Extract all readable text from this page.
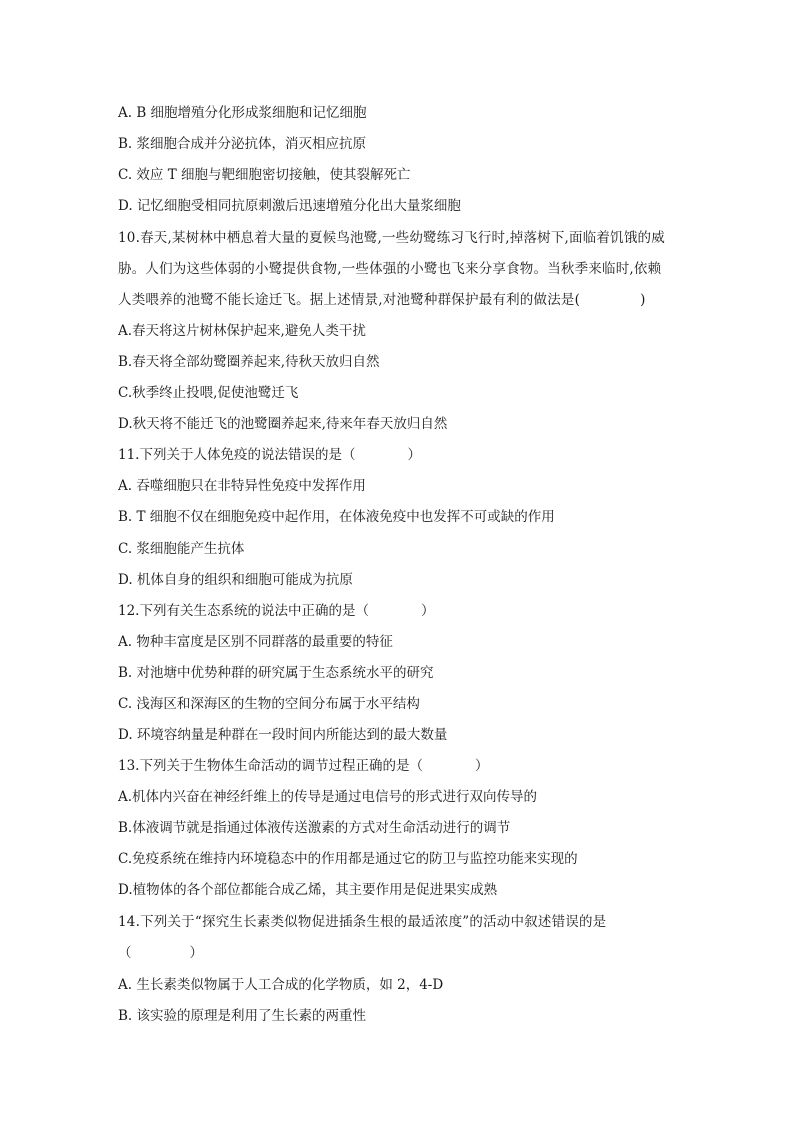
A. B 细胞增殖分化形成浆细胞和记忆细胞
B. 浆细胞合成并分泌抗体，消灭相应抗原
C. 效应 T 细胞与靶细胞密切接触，使其裂解死亡
D. 记忆细胞受相同抗原刺激后迅速增殖分化出大量浆细胞
10.春天,某树林中栖息着大量的夏候鸟池鹭,一些幼鹭练习飞行时,掉落树下,面临着饥饿的威
胁。人们为这些体弱的小鹭提供食物,一些体强的小鹭也飞来分享食物。当秋季来临时,依赖
人类喂养的池鹭不能长途迁飞。据上述情景,对池鹭种群保护最有利的做法是(	)
A.春天将这片树林保护起来,避免人类干扰
B.春天将全部幼鹭圈养起来,待秋天放归自然
C.秋季终止投喂,促使池鹭迁飞
D.秋天将不能迁飞的池鹭圈养起来,待来年春天放归自然
11.下列关于人体免疫的说法错误的是（	）
A. 吞噬细胞只在非特异性免疫中发挥作用
B. T 细胞不仅在细胞免疫中起作用，在体液免疫中也发挥不可或缺的作用
C. 浆细胞能产生抗体
D. 机体自身的组织和细胞可能成为抗原
12.下列有关生态系统的说法中正确的是（	）
A. 物种丰富度是区别不同群落的最重要的特征
B. 对池塘中优势种群的研究属于生态系统水平的研究
C. 浅海区和深海区的生物的空间分布属于水平结构
D. 环境容纳量是种群在一段时间内所能达到的最大数量
13.下列关于生物体生命活动的调节过程正确的是（	）
A.机体内兴奋在神经纤维上的传导是通过电信号的形式进行双向传导的
B.体液调节就是指通过体液传送激素的方式对生命活动进行的调节
C.免疫系统在维持内环境稳态中的作用都是通过它的防卫与监控功能来实现的
D.植物体的各个部位都能合成乙烯，其主要作用是促进果实成熟
14.下列关于“探究生长素类似物促进插条生根的最适浓度”的活动中叙述错误的是
（	）
A. 生长素类似物属于人工合成的化学物质，如 2，4-D
B. 该实验的原理是利用了生长素的两重性
